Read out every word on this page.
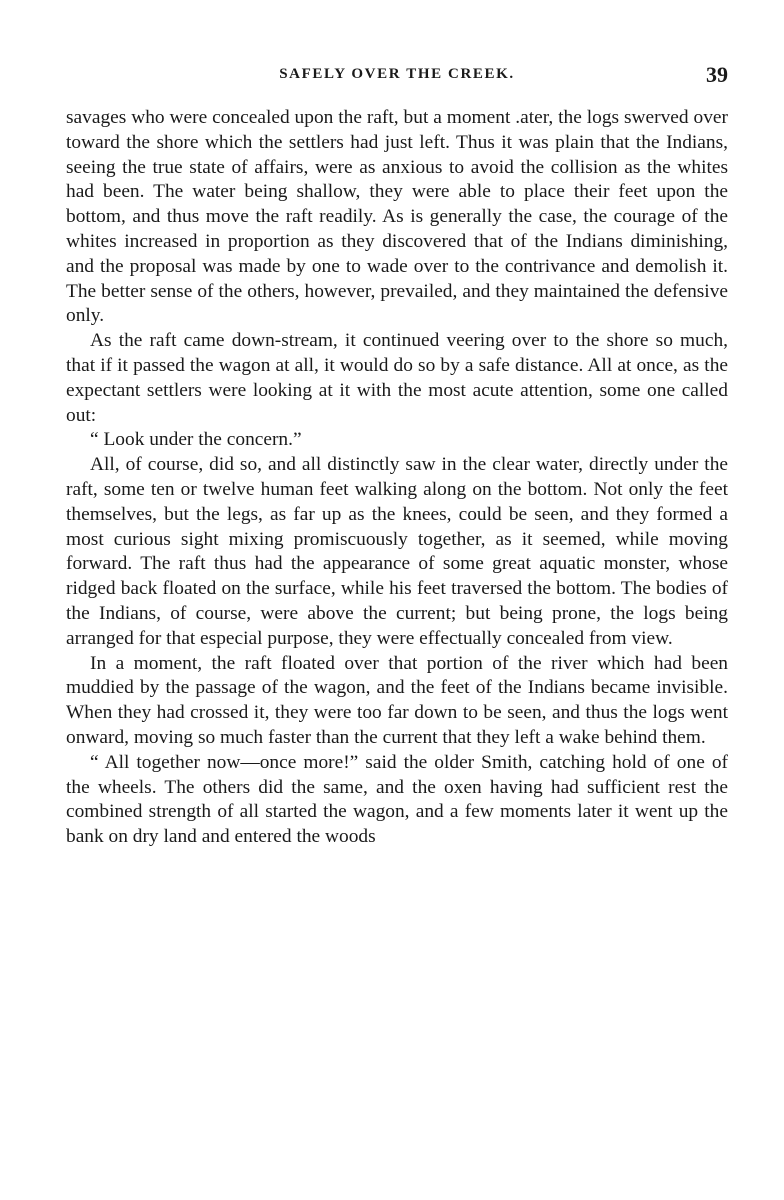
SAFELY OVER THE CREEK.	39

savages who were concealed upon the raft, but a moment .ater, the logs swerved over toward the shore which the settlers had just left. Thus it was plain that the Indians, seeing the true state of affairs, were as anxious to avoid the collision as the whites had been. The water being shallow, they were able to place their feet upon the bottom, and thus move the raft readily. As is generally the case, the courage of the whites increased in proportion as they discovered that of the Indians diminishing, and the proposal was made by one to wade over to the contrivance and demolish it. The better sense of the others, however, prevailed, and they maintained the defensive only.

As the raft came down-stream, it continued veering over to the shore so much, that if it passed the wagon at all, it would do so by a safe distance. All at once, as the expectant settlers were looking at it with the most acute attention, some one called out:

“ Look under the concern.”

All, of course, did so, and all distinctly saw in the clear water, directly under the raft, some ten or twelve human feet walking along on the bottom. Not only the feet themselves, but the legs, as far up as the knees, could be seen, and they formed a most curious sight mixing promiscuously together, as it seemed, while moving forward. The raft thus had the appearance of some great aquatic monster, whose ridged back floated on the surface, while his feet traversed the bottom. The bodies of the Indians, of course, were above the current; but being prone, the logs being arranged for that especial purpose, they were effectually concealed from view.

In a moment, the raft floated over that portion of the river which had been muddied by the passage of the wagon, and the feet of the Indians became invisible. When they had crossed it, they were too far down to be seen, and thus the logs went onward, moving so much faster than the current that they left a wake behind them.

“ All together now—once more!” said the older Smith, catching hold of one of the wheels. The others did the same, and the oxen having had sufficient rest the combined strength of all started the wagon, and a few moments later it went up the bank on dry land and entered the woods
